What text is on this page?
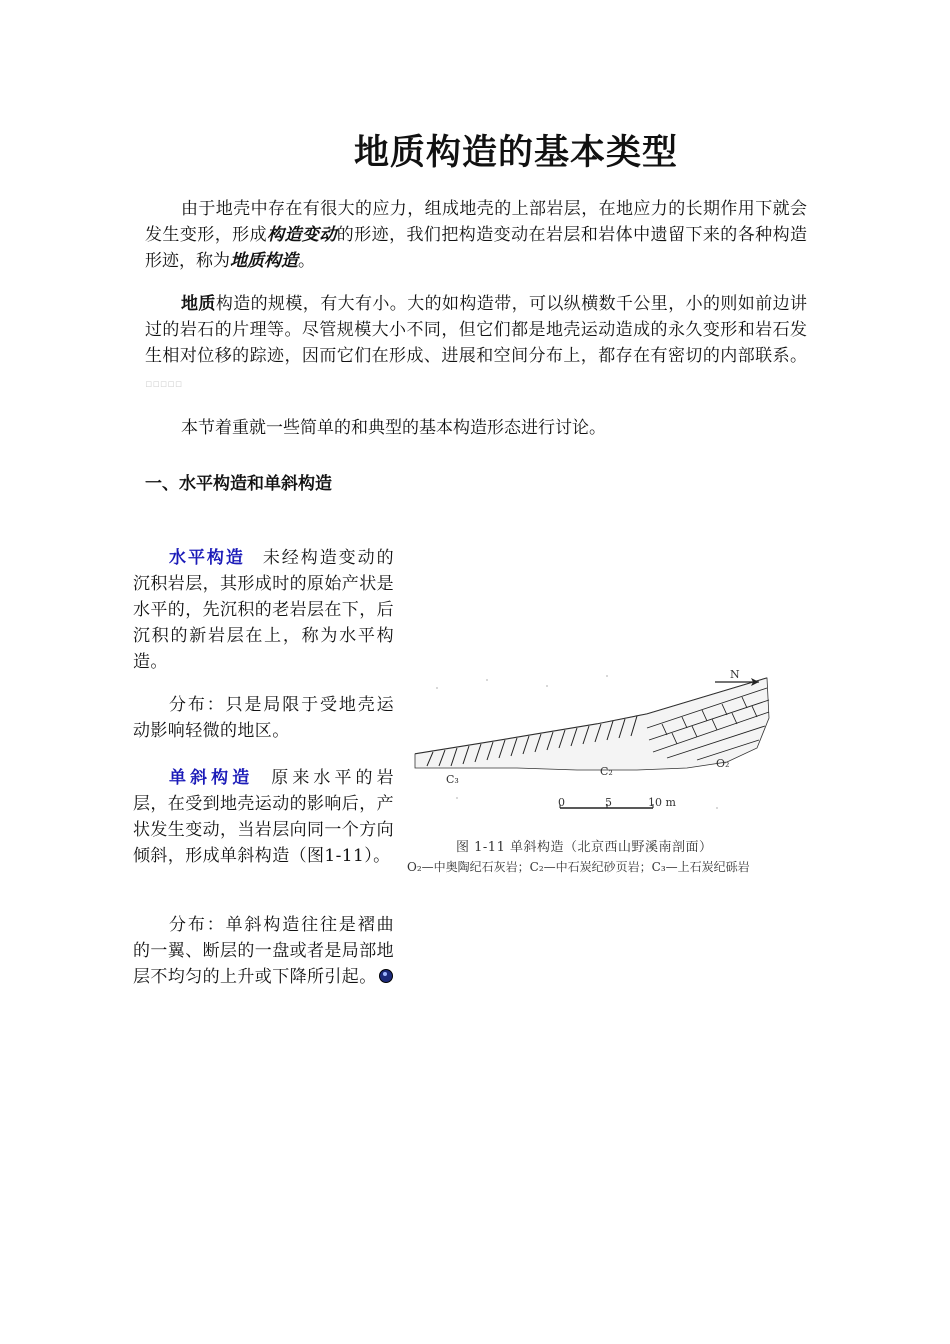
地质构造的基本类型

由于地壳中存在有很大的应力，组成地壳的上部岩层，在地应力的长期作用下就会发生变形，形成构造变动的形迹，我们把构造变动在岩层和岩体中遗留下来的各种构造形迹，称为地质构造。

地质构造的规模，有大有小。大的如构造带，可以纵横数千公里，小的则如前边讲过的岩石的片理等。尽管规模大小不同，但它们都是地壳运动造成的永久变形和岩石发生相对位移的踪迹，因而它们在形成、进展和空间分布上，都存在有密切的内部联系。▫▫▫▫▫

本节着重就一些简单的和典型的基本构造形态进行讨论。

一、水平构造和单斜构造

水平构造 未经构造变动的沉积岩层，其形成时的原始产状是水平的，先沉积的老岩层在下，后沉积的新岩层在上，称为水平构造。

分布：只是局限于受地壳运动影响轻微的地区。

单斜构造 原来水平的岩层，在受到地壳运动的影响后，产状发生变动，当岩层向同一个方向倾斜，形成单斜构造（图1-11）。

分布：单斜构造往往是褶曲的一翼、断层的一盘或者是局部地层不均匀的上升或下降所引起。

N
C₃
C₂
O₂
0	5	10 m
图 1-11 单斜构造（北京西山野溪南剖面）
O₂—中奥陶纪石灰岩；C₂—中石炭纪砂页岩；C₃—上石炭纪砾岩
